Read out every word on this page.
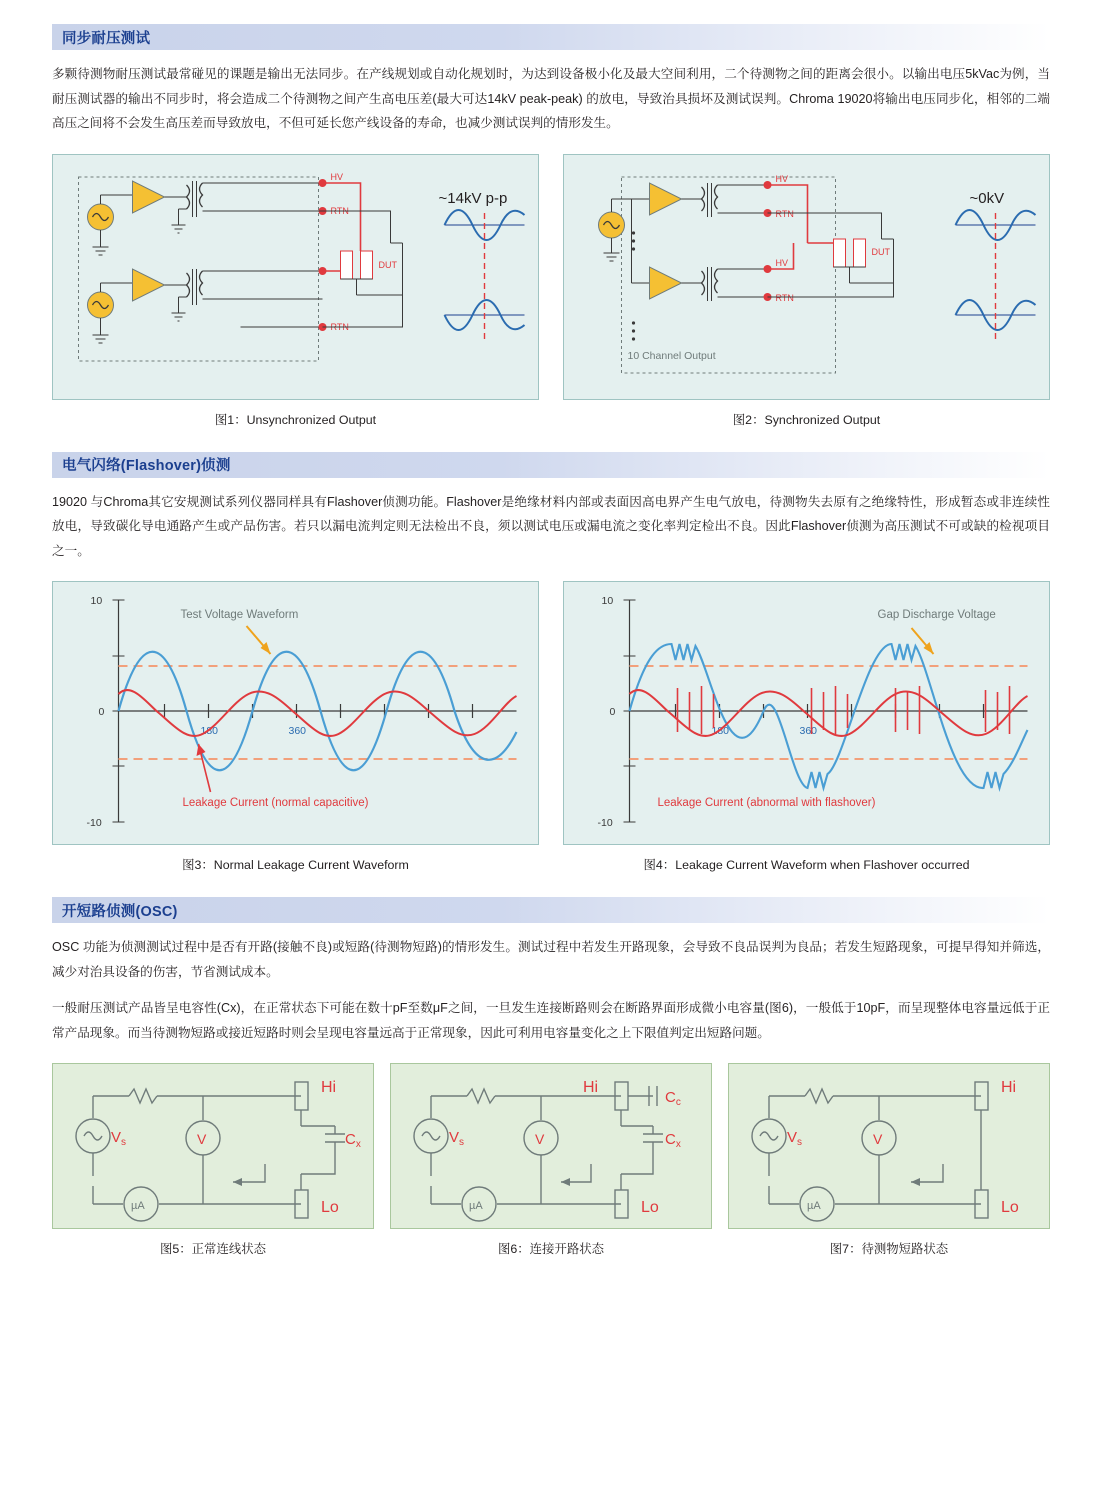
同步耐压测试

多颗待测物耐压测试最常碰见的课题是输出无法同步。在产线规划或自动化规划时，为达到设备极小化及最大空间利用，二个待测物之间的距离会很小。以输出电压5kVac为例，当耐压测试器的输出不同步时，将会造成二个待测物之间产生高电压差(最大可达14kV peak-peak) 的放电，导致治具损坏及测试误判。Chroma 19020将输出电压同步化，相邻的二端高压之间将不会发生高压差而导致放电，不但可延长您产线设备的寿命，也减少测试误判的情形发生。

HV
RTN
RTN
DUT
~14kV p-p
图1：Unsynchronized Output
HV
RTN
HV
RTN
DUT
10 Channel Output
~0kV
图2：Synchronized Output
电气闪络(Flashover)侦测

19020 与Chroma其它安规测试系列仪器同样具有Flashover侦测功能。Flashover是绝缘材料内部或表面因高电界产生电气放电，待测物失去原有之绝缘特性，形成暂态或非连续性放电，导致碳化导电通路产生或产品伤害。若只以漏电流判定则无法检出不良，须以测试电压或漏电流之变化率判定检出不良。因此Flashover侦测为高压测试不可或缺的检视项目之一。

10
0
-10
180	360
Test Voltage Waveform
Leakage Current (normal capacitive)
图3：Normal Leakage Current Waveform
10
0
-10
180	360
Gap Discharge Voltage
Leakage Current (abnormal with flashover)
图4：Leakage Current Waveform when Flashover occurred
开短路侦测(OSC)

OSC 功能为侦测测试过程中是否有开路(接触不良)或短路(待测物短路)的情形发生。测试过程中若发生开路现象，会导致不良品误判为良品；若发生短路现象，可提早得知并筛选，减少对治具设备的伤害，节省测试成本。

一般耐压测试产品皆呈电容性(Cx)，在正常状态下可能在数十pF至数μF之间，一旦发生连接断路则会在断路界面形成微小电容量(图6)，一般低于10pF，而呈现整体电容量远低于正常产品现象。而当待测物短路或接近短路时则会呈现电容量远高于正常现象，因此可利用电容量变化之上下限值判定出短路问题。

$V_s$	V
µA
Hi
Lo
$C_x$
图5：正常连线状态
$V_s$	V
µA
Hi
Lo
$C_x$
$C_c$
图6：连接开路状态
$V_s$	V
µA
Hi
Lo
图7：待测物短路状态
